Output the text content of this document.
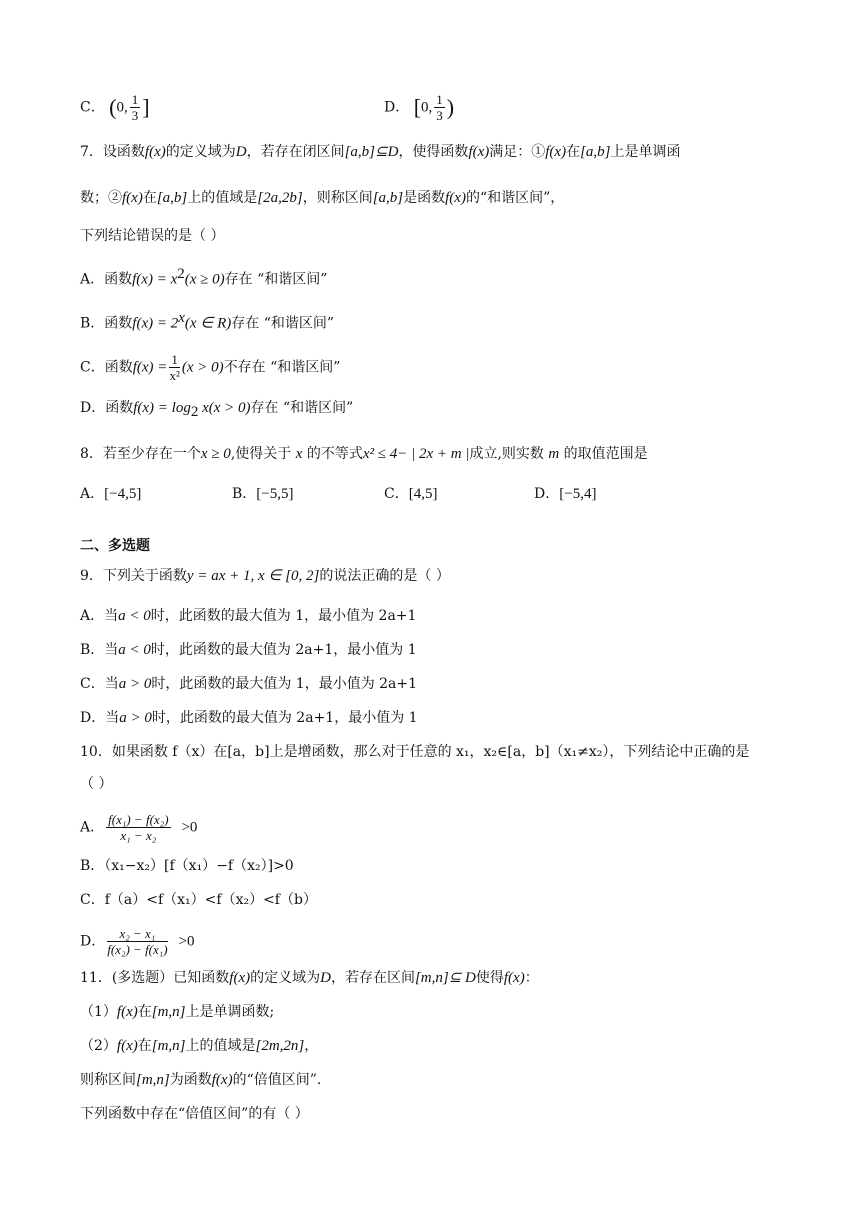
C． (0, $\frac{1}{3}$ ]	D． [0, $\frac{1}{3}$ )
7．设函数f(x)的定义域为D，若存在闭区间[a,b]⊆D，使得函数f(x)满足：①f(x)在[a,b]上是单调函
数；②f(x)在[a,b]上的值域是[2a,2b]，则称区间[a,b]是函数f(x)的“和谐区间”，
下列结论错误的是（ ）
A．函数$f(x) = x^2(x \ge 0)$存在 “和谐区间”
B．函数$f(x) = 2^x(x$ ∈ R)存在 “和谐区间”
C．函数$f(x) = \frac{1}{\text{x²}} (x > 0)$不存在 “和谐区间”
D．函数$f(x) = \log_2 x(x > 0)$存在 “和谐区间”
8．若至少存在一个x ≥ 0,使得关于 x 的不等式x² ≤ 4− | 2x + m |成立,则实数 m 的取值范围是
A．[−4,5]	B．[−5,5]	C．[4,5]	D．[−5,4]
二、多选题
9．下列关于函数y = ax + 1, x ∈ [0, 2]的说法正确的是（ ）
A．当a < 0时，此函数的最大值为 1，最小值为 2a+1
B．当a < 0时，此函数的最大值为 2a+1，最小值为 1
C．当a > 0时，此函数的最大值为 1，最小值为 2a+1
D．当a > 0时，此函数的最大值为 2a+1，最小值为 1
10．如果函数 f（x）在[a，b]上是增函数，那么对于任意的 x₁，x₂∈[a，b]（x₁≠x₂），下列结论中正确的是
（ ）
A． $\frac{\text{f(x₁) − f(x₂)}}{\text{x₁ − x₂}} >0$
B．（x₁−x₂）[f（x₁）−f（x₂）]>0
C．f（a）<f（x₁）<f（x₂）<f（b）
D． $\frac{\text{x₂ − x₁}}{\text{f(x₂) − f(x₁)}} >0$
11．(多选题）已知函数f(x)的定义域为D，若存在区间[m,n]⊆ D使得f(x)：
（1）f(x)在[m,n]上是单调函数;
（2）f(x)在[m,n]上的值域是[2m,2n]，
则称区间[m,n]为函数f(x)的“倍值区间”.
下列函数中存在“倍值区间”的有（ ）
